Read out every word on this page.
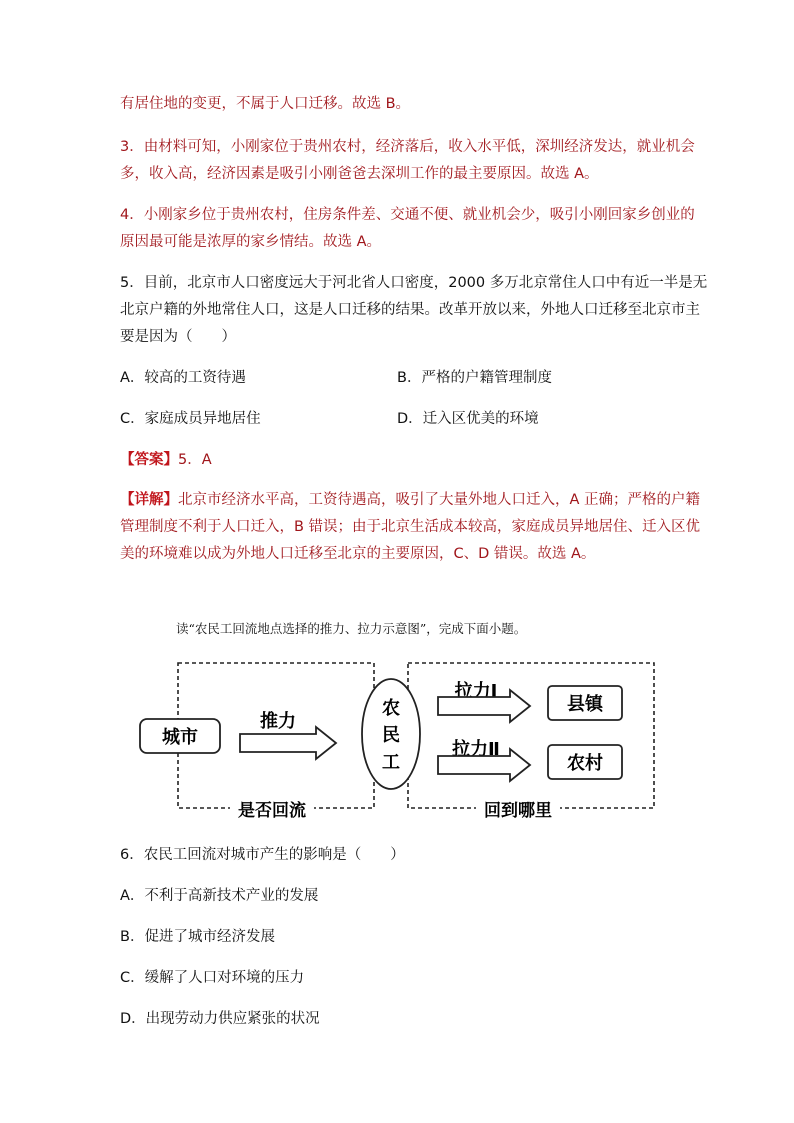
有居住地的变更，不属于人口迁移。故选 B。
3．由材料可知，小刚家位于贵州农村，经济落后，收入水平低，深圳经济发达，就业机会
多，收入高，经济因素是吸引小刚爸爸去深圳工作的最主要原因。故选 A。
4．小刚家乡位于贵州农村，住房条件差、交通不便、就业机会少，吸引小刚回家乡创业的
原因最可能是浓厚的家乡情结。故选 A。
5．目前，北京市人口密度远大于河北省人口密度，2000 多万北京常住人口中有近一半是无
北京户籍的外地常住人口，这是人口迁移的结果。改革开放以来，外地人口迁移至北京市主
要是因为（　　）
A．较高的工资待遇	B．严格的户籍管理制度
C．家庭成员异地居住	D．迁入区优美的环境
【答案】5．A
【详解】北京市经济水平高，工资待遇高，吸引了大量外地人口迁入，A 正确；严格的户籍
管理制度不利于人口迁入，B 错误；由于北京生活成本较高，家庭成员异地居住、迁入区优
美的环境难以成为外地人口迁移至北京的主要原因，C、D 错误。故选 A。
读“农民工回流地点选择的推力、拉力示意图”，完成下面小题。
城市
推力
农
民
工
拉力Ⅰ
拉力Ⅱ
县镇
农村
是否回流	回到哪里
6．农民工回流对城市产生的影响是（　　）
A．不利于高新技术产业的发展
B．促进了城市经济发展
C．缓解了人口对环境的压力
D．出现劳动力供应紧张的状况
